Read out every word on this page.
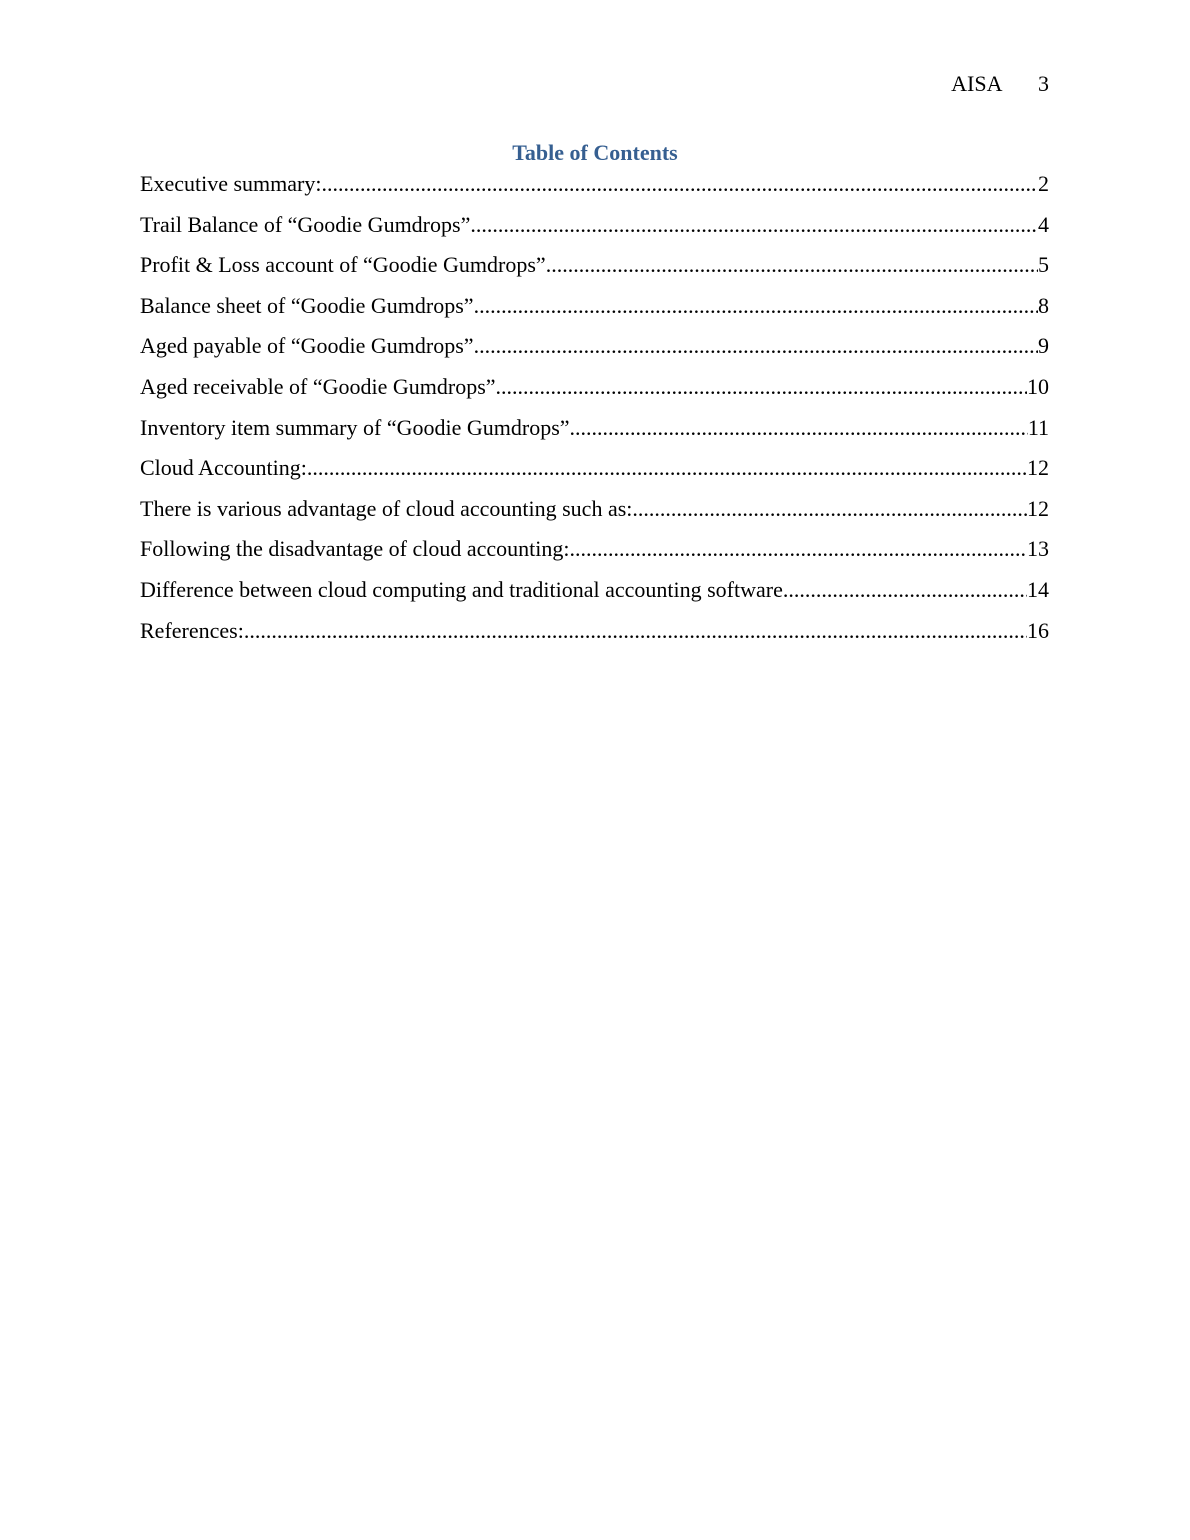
AISA 3
Table of Contents
Executive summary: .....	2
Trail Balance of “Goodie Gumdrops” .....	4
Profit & Loss account of “Goodie Gumdrops” .....	5
Balance sheet of “Goodie Gumdrops” .....	8
Aged payable of “Goodie Gumdrops” .....	9
Aged receivable of “Goodie Gumdrops” .....	10
Inventory item summary of “Goodie Gumdrops” .....	11
Cloud Accounting: .....	12
There is various advantage of cloud accounting such as: .....	12
Following the disadvantage of cloud accounting: .....	13
Difference between cloud computing and traditional accounting software .....	14
References: .....	16
